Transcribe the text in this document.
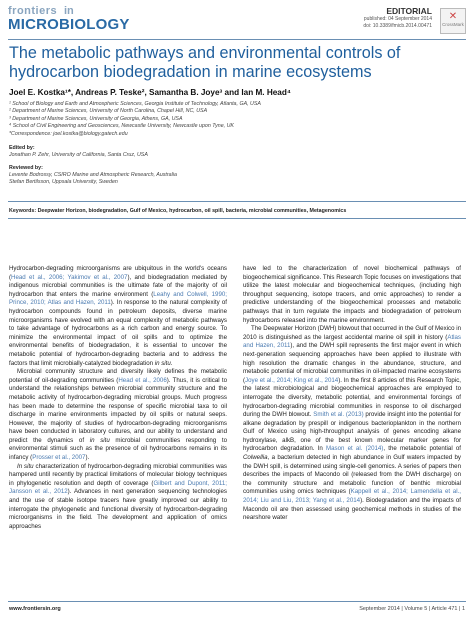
frontiers in
MICROBIOLOGY
EDITORIAL
published: 04 September 2014
doi: 10.3389/fmicb.2014.00471
✕
CrossMark
The metabolic pathways and environmental controls of
hydrocarbon biodegradation in marine ecosystems
Joel E. Kostka¹*, Andreas P. Teske², Samantha B. Joye³ and Ian M. Head⁴
¹ School of Biology and Earth and Atmospheric Sciences, Georgia Institute of Technology, Atlanta, GA, USA
² Department of Marine Sciences, University of North Carolina, Chapel Hill, NC, USA
³ Department of Marine Sciences, University of Georgia, Athens, GA, USA
⁴ School of Civil Engineering and Geosciences, Newcastle University, Newcastle upon Tyne, UK
*Correspondence: joel.kostka@biology.gatech.edu
Edited by:
Jonathan P. Zehr, University of California, Santa Cruz, USA
Reviewed by:
Levente Bodrossy, CSIRO Marine and Atmospheric Research, Australia
Stefan Bertilsson, Uppsala University, Sweden
Keywords: Deepwater Horizon, biodegradation, Gulf of Mexico, hydrocarbon, oil spill, bacteria, microbial communities, Metagenomics

Hydrocarbon-degrading microorganisms are ubiquitous in the world's oceans (Head et al., 2006; Yakimov et al., 2007), and biodegradation mediated by indigenous microbial communities is the ultimate fate of the majority of oil hydrocarbon that enters the marine environment (Leahy and Colwell, 1990; Prince, 2010; Atlas and Hazen, 2011). In response to the natural complexity of hydrocarbon compounds found in petroleum deposits, diverse marine microorganisms have evolved with an equal complexity of metabolic pathways to take advantage of hydrocarbons as a rich carbon and energy source. To minimize the environmental impact of oil spills and to optimize the environmental benefits of biodegradation, it is essential to uncover the metabolic potential of hydrocarbon-degrading bacteria and to address the factors that limit microbially-catalyzed biodegradation in situ.

Microbial community structure and diversity likely defines the metabolic potential of oil-degrading communities (Head et al., 2006). Thus, it is critical to understand the relationships between microbial community structure and the metabolic activity of hydrocarbon-degrading microbial groups. Much progress has been made to determine the response of specific microbial taxa to oil discharge in marine environments impacted by oil spills or natural seeps. However, the majority of studies of hydrocarbon-degrading microorganisms have been conducted in laboratory cultures, and our ability to understand and predict the dynamics of in situ microbial communities responding to environmental stimuli such as the presence of oil hydrocarbons remains in its infancy (Prosser et al., 2007).

In situ characterization of hydrocarbon-degrading microbial communities was hampered until recently by practical limitations of molecular biology techniques in phylogenetic resolution and depth of coverage (Gilbert and Dupont, 2011; Jansson et al., 2012). Advances in next generation sequencing technologies and the use of stable isotope tracers have greatly improved our ability to interrogate the phylogenetic and functional diversity of hydrocarbon-degrading microorganisms in the field. The development and application of omics approaches

have led to the characterization of novel biochemical pathways of biogeochemical significance. This Research Topic focuses on investigations that utilize the latest molecular and biogeochemical techniques, (including high throughput sequencing, isotope tracers, and omic approaches) to render a predictive understanding of the biogeochemical processes and metabolic pathways that in turn regulate the impacts and biodegradation of petroleum hydrocarbons released into the marine environment.

The Deepwater Horizon (DWH) blowout that occurred in the Gulf of Mexico in 2010 is distinguished as the largest accidental marine oil spill in history (Atlas and Hazen, 2011), and the DWH spill represents the first major event in which next-generation sequencing approaches have been applied to illustrate with high resolution the dramatic changes in the abundance, structure, and metabolic potential of microbial communities in oil-impacted marine ecosystems (Joye et al., 2014; King et al., 2014). In the first 8 articles of this Research Topic, the latest microbiological and biogeochemical approaches are employed to interrogate the diversity, metabolic potential, and environmental forcings of hydrocarbon-degrading microbial communities in response to oil discharged during the DWH blowout. Smith et al. (2013) provide insight into the potential for alkane degradation by prespill or indigenous bacterioplankton in the northern Gulf of Mexico using high-throughput analysis of genes encoding alkane hydroxylase, alkB, one of the best known molecular marker genes for hydrocarbon degradation. In Mason et al. (2014), the metabolic potential of Colwellia, a bacterium detected in high abundance in Gulf waters impacted by the DWH spill, is determined using single-cell genomics. A series of papers then describes the impacts of Macondo oil (released from the DWH discharge) on the community structure and metabolic function of benthic microbial communities using omics techniques (Kappell et al., 2014; Lamendella et al., 2014; Liu and Liu, 2013; Yang et al., 2014). Biodegradation and the impacts of Macondo oil are then assessed using geochemical methods in studies of the nearshore water

www.frontiersin.org	September 2014 | Volume 5 | Article 471 | 1
